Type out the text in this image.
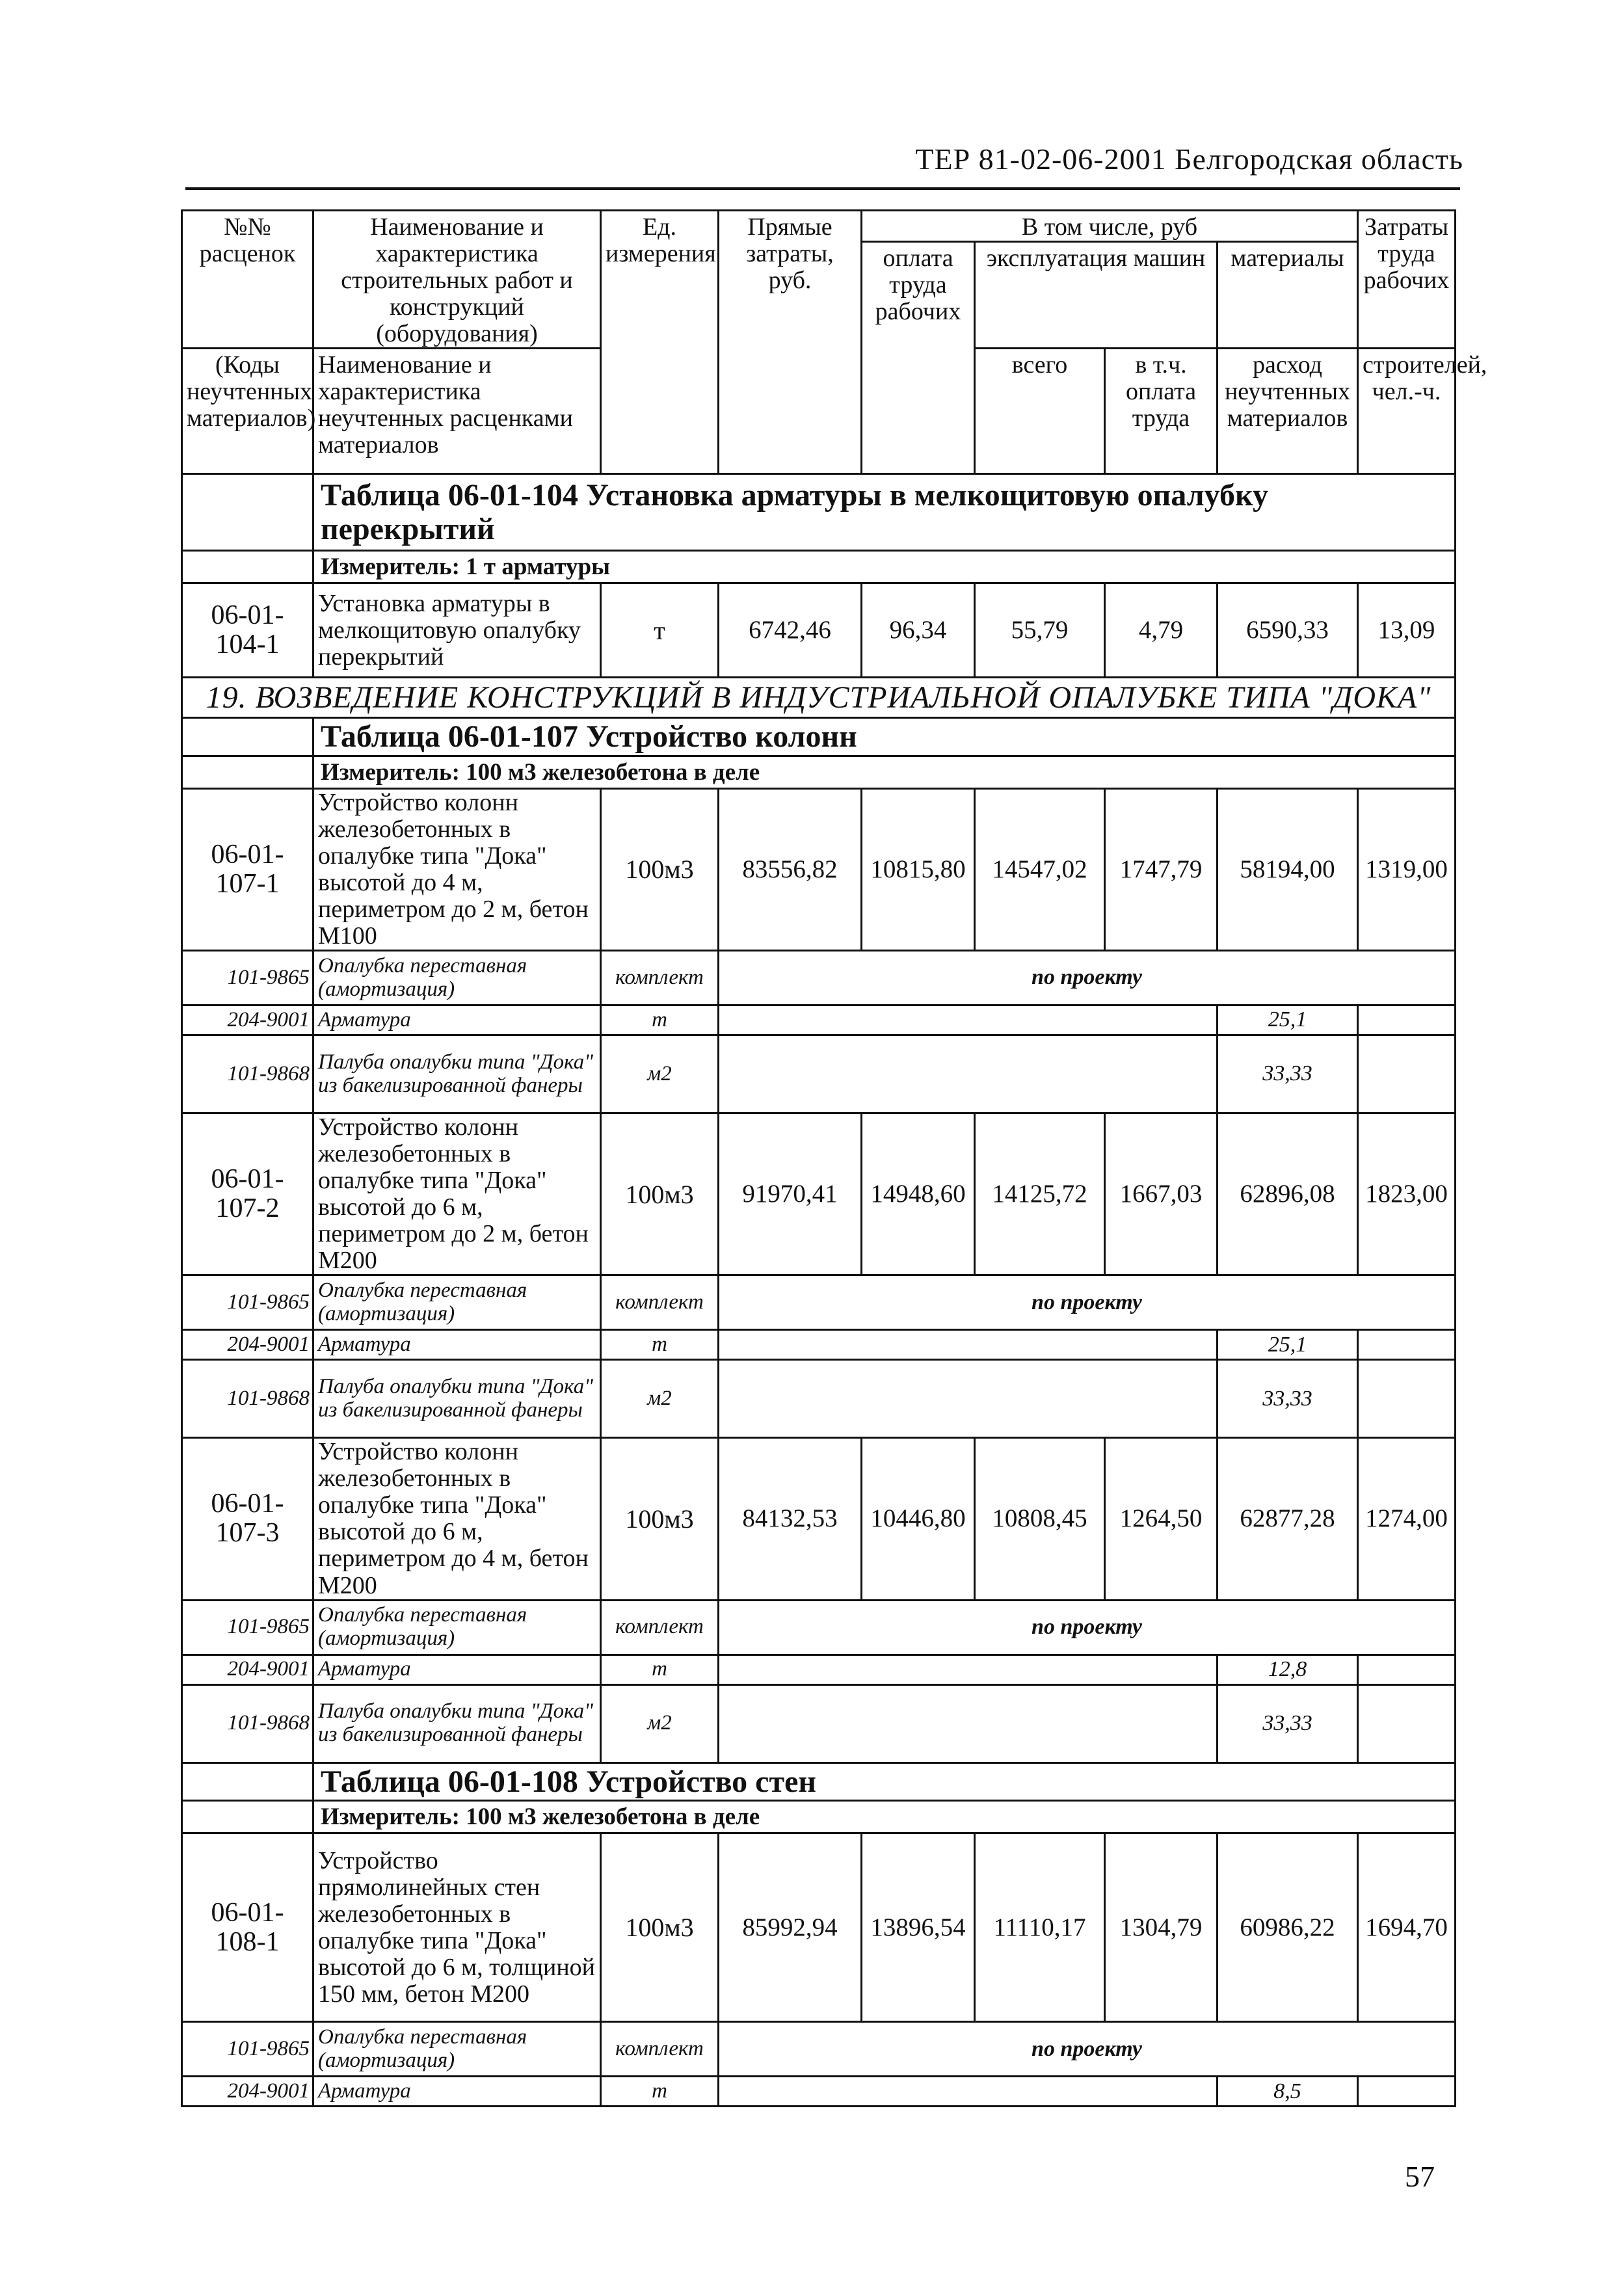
ТЕР 81-02-06-2001 Белгородская область
№№ расценок	Наименование и характеристика строительных работ и конструкций (оборудования)	Ед. измерения	Прямые затраты, руб.	В том числе, руб				Затраты труда рабочих
				оплата труда рабочих	эксплуатация машин		материалы	

(Коды неучтенных материалов)	Наименование и характеристика неучтенных расценками материалов				всего	в т.ч. оплата труда	расход неучтенных материалов	строителей, чел.-ч.

	Таблица 06-01-104 Установка арматуры в мелкощитовую опалубку перекрытий							
	Измеритель: 1 т арматуры							
06-01-104-1	Установка арматуры в мелкощитовую опалубку перекрытий	т	6742,46	96,34	55,79	4,79	6590,33	13,09
19. ВОЗВЕДЕНИЕ КОНСТРУКЦИЙ В ИНДУСТРИАЛЬНОЙ ОПАЛУБКЕ ТИПА "ДОКА"								
	Таблица 06-01-107 Устройство колонн							
	Измеритель: 100 м3 железобетона в деле							
06-01-107-1	Устройство колонн железобетонных в опалубке типа "Дока" высотой до 4 м, периметром до 2 м, бетон М100	100м3	83556,82	10815,80	14547,02	1747,79	58194,00	1319,00
101-9865	Опалубка переставная (амортизация)	комплект	по проекту					
204-9001	Арматура	т					25,1	
101-9868	Палуба опалубки типа "Дока" из бакелизированной фанеры	м2					33,33	
06-01-107-2	Устройство колонн железобетонных в опалубке типа "Дока" высотой до 6 м, периметром до 2 м, бетон М200	100м3	91970,41	14948,60	14125,72	1667,03	62896,08	1823,00
101-9865	Опалубка переставная (амортизация)	комплект	по проекту					
204-9001	Арматура	т					25,1	
101-9868	Палуба опалубки типа "Дока" из бакелизированной фанеры	м2					33,33	
06-01-107-3	Устройство колонн железобетонных в опалубке типа "Дока" высотой до 6 м, периметром до 4 м, бетон М200	100м3	84132,53	10446,80	10808,45	1264,50	62877,28	1274,00
101-9865	Опалубка переставная (амортизация)	комплект	по проекту					
204-9001	Арматура	т					12,8	
101-9868	Палуба опалубки типа "Дока" из бакелизированной фанеры	м2					33,33	
	Таблица 06-01-108 Устройство стен							
	Измеритель: 100 м3 железобетона в деле							
06-01-108-1	Устройство прямолинейных стен железобетонных в опалубке типа "Дока" высотой до 6 м, толщиной 150 мм, бетон М200	100м3	85992,94	13896,54	11110,17	1304,79	60986,22	1694,70
101-9865	Опалубка переставная (амортизация)	комплект	по проекту					
204-9001	Арматура	т					8,5	
57
